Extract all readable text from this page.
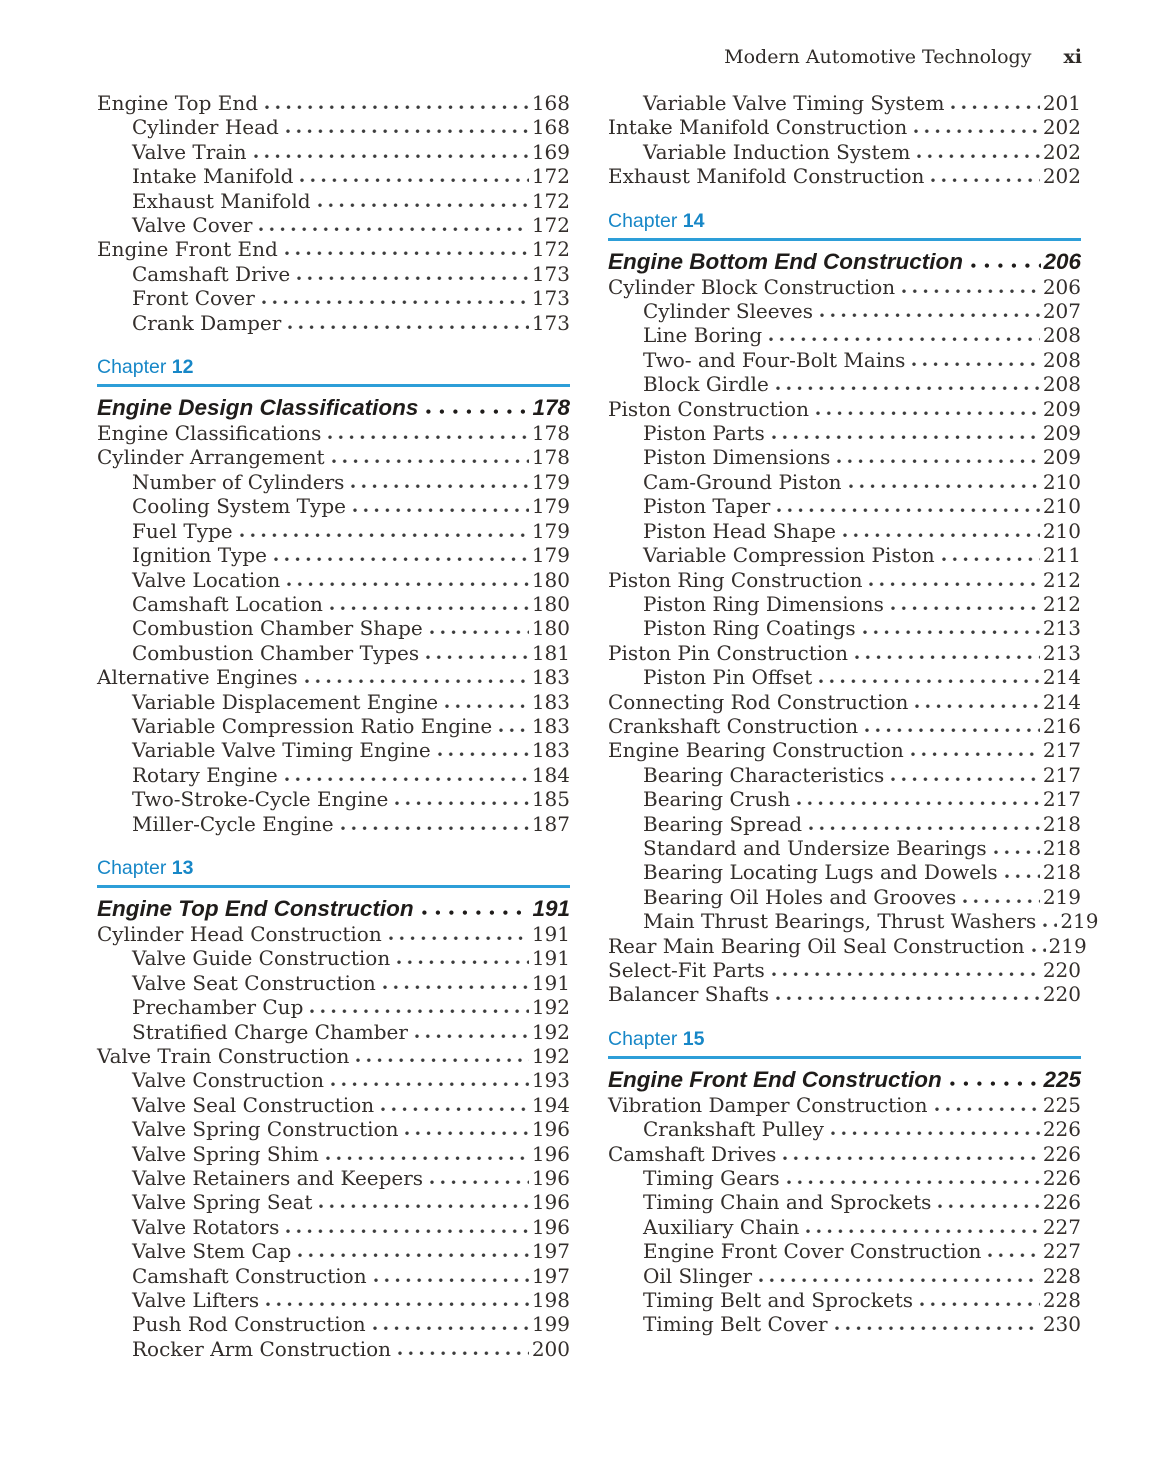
Modern Automotive Technology xi
Engine Top End	168
Cylinder Head	168
Valve Train	169
Intake Manifold	172
Exhaust Manifold	172
Valve Cover	172
Engine Front End	172
Camshaft Drive	173
Front Cover	173
Crank Damper	173
Chapter 12
Engine Design Classifications	178
Engine Classifications	178
Cylinder Arrangement	178
Number of Cylinders	179
Cooling System Type	179
Fuel Type	179
Ignition Type	179
Valve Location	180
Camshaft Location	180
Combustion Chamber Shape	180
Combustion Chamber Types	181
Alternative Engines	183
Variable Displacement Engine	183
Variable Compression Ratio Engine 183
Variable Valve Timing Engine	183
Rotary Engine	184
Two-Stroke-Cycle Engine	185
Miller-Cycle Engine	187
Chapter 13
Engine Top End Construction	191
Cylinder Head Construction	191
Valve Guide Construction	191
Valve Seat Construction	191
Prechamber Cup	192
Stratified Charge Chamber	192
Valve Train Construction	192
Valve Construction	193
Valve Seal Construction	194
Valve Spring Construction	196
Valve Spring Shim	196
Valve Retainers and Keepers	196
Valve Spring Seat	196
Valve Rotators	196
Valve Stem Cap	197
Camshaft Construction	197
Valve Lifters	198
Push Rod Construction	199
Rocker Arm Construction	200
Variable Valve Timing System	201
Intake Manifold Construction	202
Variable Induction System	202
Exhaust Manifold Construction	202
Chapter 14
Engine Bottom End Construction	206
Cylinder Block Construction	206
Cylinder Sleeves	207
Line Boring	208
Two- and Four-Bolt Mains	208
Block Girdle	208
Piston Construction	209
Piston Parts	209
Piston Dimensions	209
Cam-Ground Piston	210
Piston Taper	210
Piston Head Shape	210
Variable Compression Piston	211
Piston Ring Construction	212
Piston Ring Dimensions	212
Piston Ring Coatings	213
Piston Pin Construction	213
Piston Pin Offset	214
Connecting Rod Construction	214
Crankshaft Construction	216
Engine Bearing Construction	217
Bearing Characteristics	217
Bearing Crush	217
Bearing Spread	218
Standard and Undersize Bearings	218
Bearing Locating Lugs and Dowels 218
Bearing Oil Holes and Grooves	219
Main Thrust Bearings, Thrust Washers 219
Rear Main Bearing Oil Seal Construction 219
Select-Fit Parts	220
Balancer Shafts	220
Chapter 15
Engine Front End Construction	225
Vibration Damper Construction	225
Crankshaft Pulley	226
Camshaft Drives	226
Timing Gears	226
Timing Chain and Sprockets	226
Auxiliary Chain	227
Engine Front Cover Construction	227
Oil Slinger	228
Timing Belt and Sprockets	228
Timing Belt Cover	230
